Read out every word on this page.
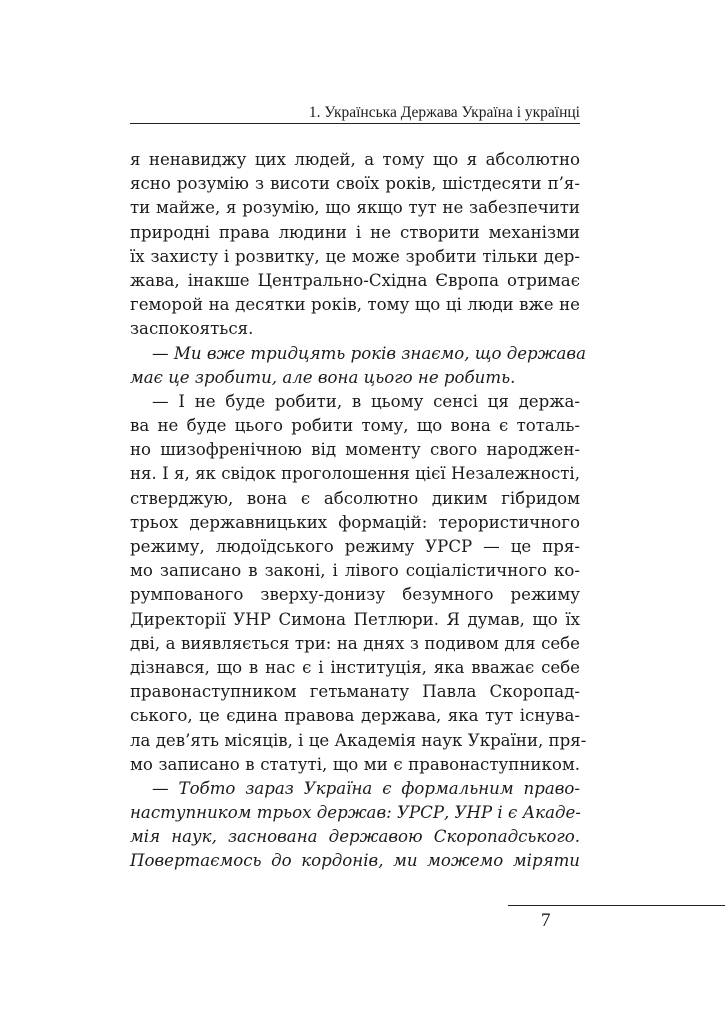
1. Українська Держава Україна і українці
я ненавиджу цих людей, а тому що я абсолютно
ясно розумію з висоти своїх років, шістдесяти п’я-
ти майже, я розумію, що якщо тут не забезпечити
природні права людини і не створити механізми
їх захисту і розвитку, це може зробити тільки дер-
жава, інакше Центрально-Східна Європа отримає
геморой на десятки років, тому що ці люди вже не
заспокояться.
— Ми вже тридцять років знаємо, що держава
має це зробити, але вона цього не робить.
— І не буде робити, в цьому сенсі ця держа-
ва не буде цього робити тому, що вона є тоталь-
но шизофренічною від моменту свого народжен-
ня. І я, як свідок проголошення цієї Незалежності,
стверджую, вона є абсолютно диким гібридом
трьох державницьких формацій: терористичного
режиму, людоїдського режиму УРСР — це пря-
мо записано в законі, і лівого соціалістичного ко-
румпованого зверху-донизу безумного режиму
Директорії УНР Симона Петлюри. Я думав, що їх
дві, а виявляється три: на днях з подивом для себе
дізнався, що в нас є і інституція, яка вважає себе
правонаступником гетьманату Павла Скоропад-
ського, це єдина правова держава, яка тут існува-
ла дев’ять місяців, і це Академія наук України, пря-
мо записано в статуті, що ми є правонаступником.
— Тобто зараз Україна є формальним право-
наступником трьох держав: УРСР, УНР і є Акаде-
мія наук, заснована державою Скоропадського.
Повертаємось до кордонів, ми можемо міряти
7
